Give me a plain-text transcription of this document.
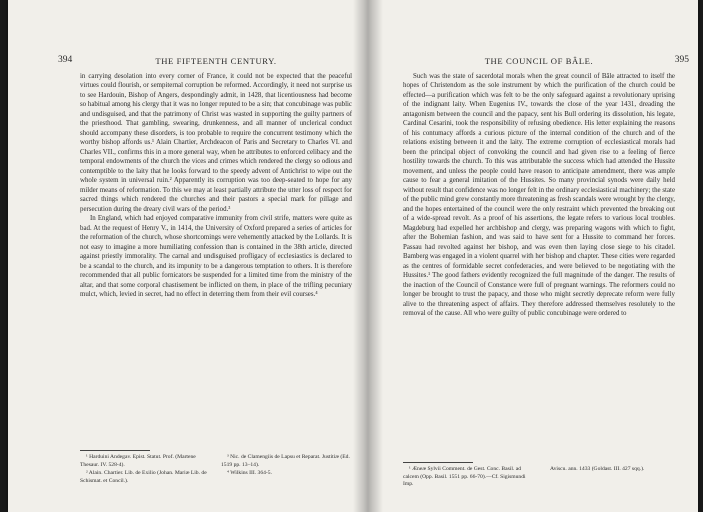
394	THE FIFTEENTH CENTURY.

in carrying desolation into every corner of France, it could not be expected that the peaceful virtues could flourish, or sempiternal corruption be reformed. Accordingly, it need not surprise us to see Hardouin, Bishop of Angers, despondingly admit, in 1428, that licentiousness had become so habitual among his clergy that it was no longer reputed to be a sin; that concubinage was public and undisguised, and that the patrimony of Christ was wasted in supporting the guilty partners of the priesthood. That gambling, swearing, drunkenness, and all manner of unclerical conduct should accompany these disorders, is too probable to require the concurrent testimony which the worthy bishop affords us.¹ Alain Chartier, Archdeacon of Paris and Secretary to Charles VI. and Charles VII., confirms this in a more general way, when he attributes to enforced celibacy and the temporal endowments of the church the vices and crimes which rendered the clergy so odious and contemptible to the laity that he looks forward to the speedy advent of Antichrist to wipe out the whole system in universal ruin.² Apparently its corruption was too deep-seated to hope for any milder means of reformation. To this we may at least partially attribute the utter loss of respect for sacred things which rendered the churches and their pastors a special mark for pillage and persecution during the dreary civil wars of the period.³

In England, which had enjoyed comparative immunity from civil strife, matters were quite as bad. At the request of Henry V., in 1414, the University of Oxford prepared a series of articles for the reformation of the church, whose shortcomings were vehemently attacked by the Lollards. It is not easy to imagine a more humiliating confession than is contained in the 38th article, directed against priestly immorality. The carnal and undisguised profligacy of ecclesiastics is declared to be a scandal to the church, and its impunity to be a dangerous temptation to others. It is therefore recommended that all public fornicators be suspended for a limited time from the ministry of the altar, and that some corporal chastisement be inflicted on them, in place of the trifling pecuniary mulct, which, levied in secret, had no effect in deterring them from their evil courses.⁴

¹ Harduini Andegav. Epist. Statut. Prof. (Martene Thesaur. IV. 528-4).

² Alain. Chartier. Lib. de Exilio (Johan. Mariæ Lib. de Schismat. et Concil.).

³ Nic. de Clamengiis de Lapsu et Reparat. Justitiæ (Ed. 1519 pp. 13–14).

⁴ Wilkins III. 364-5.

THE COUNCIL OF BÂLE.	395

Such was the state of sacerdotal morals when the great council of Bâle attracted to itself the hopes of Christendom as the sole instrument by which the purification of the church could be effected—a purification which was felt to be the only safeguard against a revolutionary uprising of the indignant laity. When Eugenius IV., towards the close of the year 1431, dreading the antagonism between the council and the papacy, sent his Bull ordering its dissolution, his legate, Cardinal Cesarini, took the responsibility of refusing obedience. His letter explaining the reasons of his contumacy affords a curious picture of the internal condition of the church and of the relations existing between it and the laity. The extreme corruption of ecclesiastical morals had been the principal object of convoking the council and had given rise to a feeling of fierce hostility towards the church. To this was attributable the success which had attended the Hussite movement, and unless the people could have reason to anticipate amendment, there was ample cause to fear a general imitation of the Hussites. So many provincial synods were daily held without result that confidence was no longer felt in the ordinary ecclesiastical machinery; the state of the public mind grew constantly more threatening as fresh scandals were wrought by the clergy, and the hopes entertained of the council were the only restraint which prevented the breaking out of a wide-spread revolt. As a proof of his assertions, the legate refers to various local troubles. Magdeburg had expelled her archbishop and clergy, was preparing wagons with which to fight, after the Bohemian fashion, and was said to have sent for a Hussite to command her forces. Passau had revolted against her bishop, and was even then laying close siege to his citadel. Bamberg was engaged in a violent quarrel with her bishop and chapter. These cities were regarded as the centres of formidable secret confederacies, and were believed to be negotiating with the Hussites.¹ The good fathers evidently recognized the full magnitude of the danger. The results of the inaction of the Council of Constance were full of pregnant warnings. The reformers could no longer be brought to trust the papacy, and those who might secretly deprecate reform were fully alive to the threatening aspect of affairs. They therefore addressed themselves resolutely to the removal of the cause. All who were guilty of public concubinage were ordered to

¹ Æneæ Sylvii Comment. de Gest. Conc. Basil. ad calcem (Opp. Basil. 1551 pp. 66-70).—Cf. Sigismundi Imp.

Aviscu. ann. 1433 (Goldast. III. 427 sqq.).
